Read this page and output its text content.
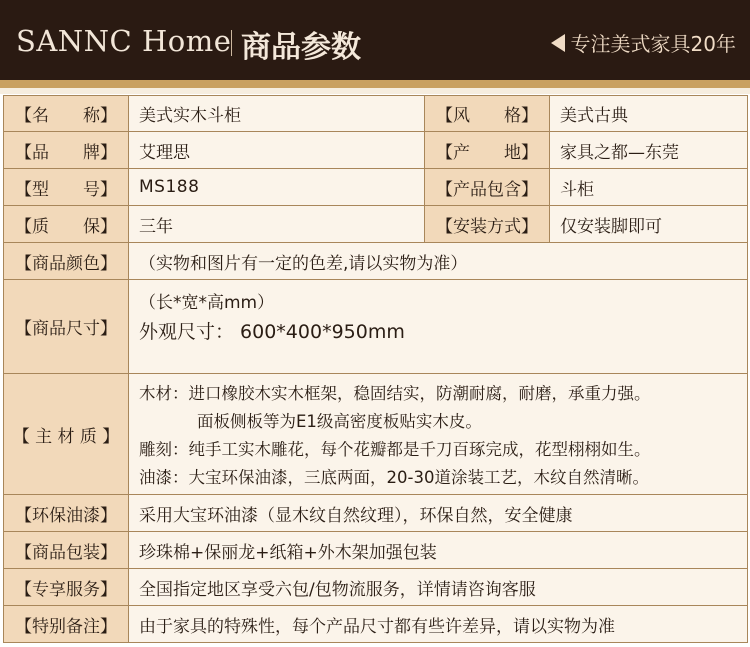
SANNC Home 商品参数	专注美式家具20年
【名　　称】	美式实木斗柜	【风　　格】	美式古典
【品　　牌】	艾理思	【产　　地】	家具之都—东莞
【型　　号】	MS188	【产品包含】	斗柜
【质　　保】	三年	【安装方式】	仅安装脚即可
【商品颜色】	（实物和图片有一定的色差,请以实物为准）		
【商品尺寸】	（长*宽*高mm）
外观尺寸： 600*400*950mm		

【 主 材 质 】	木材：进口橡胶木实木框架，稳固结实，防潮耐腐，耐磨，承重力强。

面板侧板等为E1级高密度板贴实木皮。

雕刻：纯手工实木雕花，每个花瓣都是千刀百琢完成，花型栩栩如生。

油漆：大宝环保油漆，三底两面，20-30道涂装工艺，木纹自然清晰。		

【环保油漆】	采用大宝环油漆（显木纹自然纹理），环保自然，安全健康		
【商品包装】	珍珠棉+保丽龙+纸箱+外木架加强包装		
【专享服务】	全国指定地区享受六包/包物流服务，详情请咨询客服		
【特别备注】	由于家具的特殊性，每个产品尺寸都有些许差异，请以实物为准		
